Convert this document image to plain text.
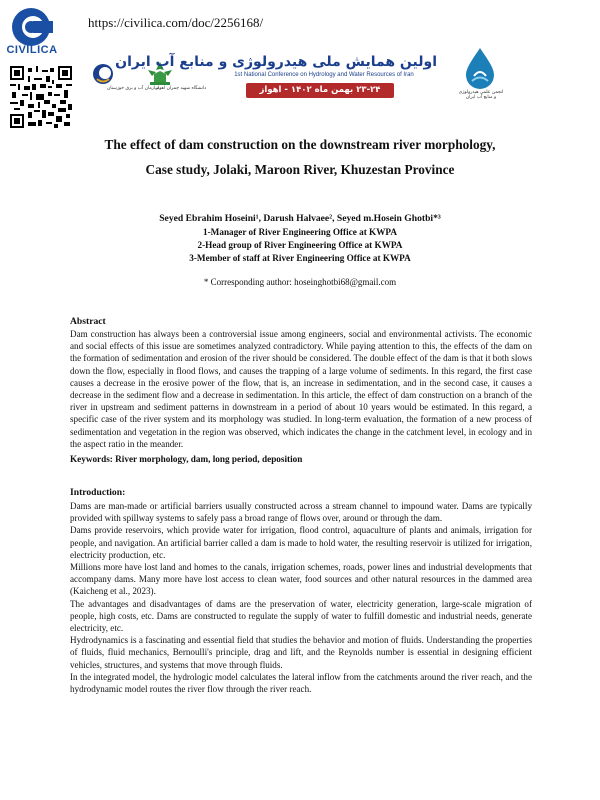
CIVILICA
https://civilica.com/doc/2256168/
سازمان آب و برق خوزستان
دانشگاه شهید چمران اهواز
اولین همایش ملی هیدرولوژی و منابع آب ایران
1st National Conference on Hydrology and Water Resources of Iran
۲۳-۲۴ بهمن ماه ۱۴۰۲ - اهواز	انجمن علمی هیدرولوژی و منابع آب ایران
The effect of dam construction on the downstream river morphology,
Case study, Jolaki, Maroon River, Khuzestan Province
Seyed Ebrahim Hoseini¹, Darush Halvaee², Seyed m.Hosein Ghotbi*³
1-Manager of River Engineering Office at KWPA
2-Head group of River Engineering Office at KWPA
3-Member of staff at River Engineering Office at KWPA
* Corresponding author: hoseinghotbi68@gmail.com
Abstract
Dam construction has always been a controversial issue among engineers, social and environmental activists. The economic and social effects of this issue are sometimes analyzed contradictory. While paying attention to this, the effects of the dam on the formation of sedimentation and erosion of the river should be considered. The double effect of the dam is that it both slows down the flow, especially in flood flows, and causes the trapping of a large volume of sediments. In this regard, the first case causes a decrease in the erosive power of the flow, that is, an increase in sedimentation, and in the second case, it causes a decrease in the sediment flow and a decrease in sedimentation. In this article, the effect of dam construction on a branch of the river in upstream and sediment patterns in downstream in a period of about 10 years would be estimated. In this regard, a specific case of the river system and its morphology was studied. In long-term evaluation, the formation of a new process of sedimentation and vegetation in the region was observed, which indicates the change in the catchment level, in ecology and in the aspect ratio in the meander.
Keywords: River morphology, dam, long period, deposition
Introduction:

Dams are man-made or artificial barriers usually constructed across a stream channel to impound water. Dams are typically provided with spillway systems to safely pass a broad range of flows over, around or through the dam.

Dams provide reservoirs, which provide water for irrigation, flood control, aquaculture of plants and animals, irrigation for people, and navigation. An artificial barrier called a dam is made to hold water, the resulting reservoir is utilized for irrigation, electricity production, etc.

Millions more have lost land and homes to the canals, irrigation schemes, roads, power lines and industrial developments that accompany dams. Many more have lost access to clean water, food sources and other natural resources in the dammed area (Kaicheng et al., 2023).

The advantages and disadvantages of dams are the preservation of water, electricity generation, large-scale migration of people, high costs, etc. Dams are constructed to regulate the supply of water to fulfill domestic and industrial needs, generate electricity, etc.

Hydrodynamics is a fascinating and essential field that studies the behavior and motion of fluids. Understanding the properties of fluids, fluid mechanics, Bernoulli's principle, drag and lift, and the Reynolds number is essential in designing efficient vehicles, structures, and systems that move through fluids.

In the integrated model, the hydrologic model calculates the lateral inflow from the catchments around the river reach, and the hydrodynamic model routes the river flow through the river reach.
